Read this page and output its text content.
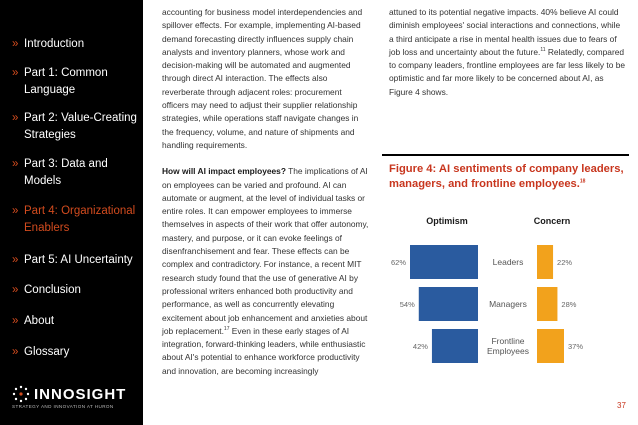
» Introduction
» Part 1: Common Language
» Part 2: Value-Creating Strategies
» Part 3: Data and Models
» Part 4: Organizational Enablers
» Part 5: AI Uncertainty
» Conclusion
» About
» Glossary
INNOSIGHT
STRATEGY AND INNOVATION AT HURON

accounting for business model interdependencies and spillover effects. For example, implementing AI-based demand forecasting directly influences supply chain analysts and inventory planners, whose work and decision-making will be automated and augmented through direct AI interaction. The effects also reverberate through adjacent roles: procurement officers may need to adjust their supplier relationship strategies, while operations staff navigate changes in the frequency, volume, and nature of shipments and handling requirements.

How will AI impact employees? The implications of AI on employees can be varied and profound. AI can automate or augment, at the level of individual tasks or entire roles. It can empower employees to immerse themselves in aspects of their work that offer autonomy, mastery, and purpose, or it can evoke feelings of disenfranchisement and fear. These effects can be complex and contradictory. For instance, a recent MIT research study found that the use of generative AI by professional writers enhanced both productivity and performance, as well as concurrently elevating excitement about job enhancement and anxieties about job replacement.$^{17}$ Even in these early stages of AI integration, forward-thinking leaders, while enthusiastic about AI's potential to enhance workforce productivity and innovation, are becoming increasingly

attuned to its potential negative impacts. 40% believe AI could diminish employees' social interactions and connections, while a third anticipate a rise in mental health issues due to fears of job loss and uncertainty about the future.$^{11}$ Relatedly, compared to company leaders, frontline employees are far less likely to be optimistic and far more likely to be concerned about AI, as Figure 4 shows.

Figure 4: AI sentiments of company leaders, managers, and frontline employees.$^{18}$
Optimism	Concern
62%	22%
Leaders
54%	28%
Managers
42%	37%
Frontline
Employees
37
